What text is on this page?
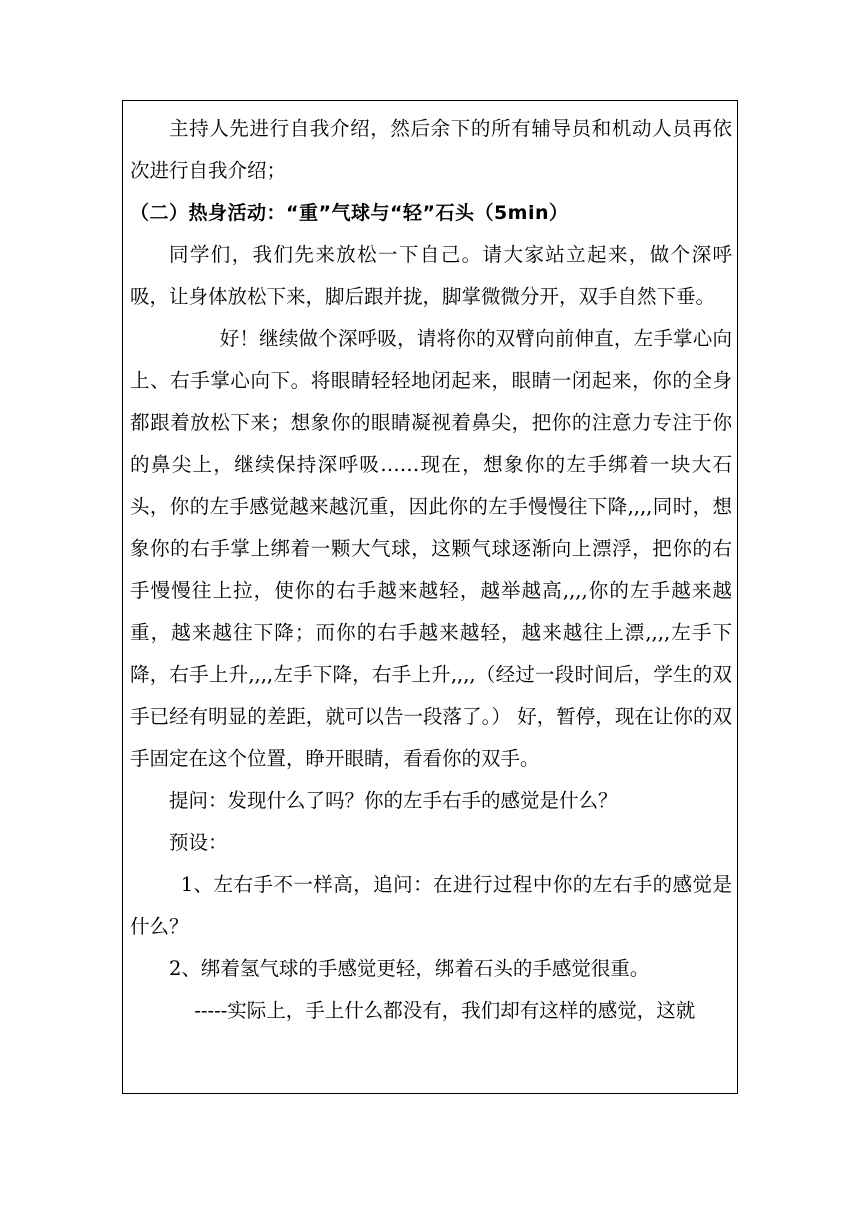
主持人先进行自我介绍，然后余下的所有辅导员和机动人员再依次进行自我介绍；

（二）热身活动：“重”气球与“轻”石头（5min）

同学们，我们先来放松一下自己。请大家站立起来，做个深呼吸，让身体放松下来，脚后跟并拢，脚掌微微分开，双手自然下垂。

好！继续做个深呼吸，请将你的双臂向前伸直，左手掌心向上、右手掌心向下。将眼睛轻轻地闭起来，眼睛一闭起来，你的全身都跟着放松下来；想象你的眼睛凝视着鼻尖，把你的注意力专注于你的鼻尖上，继续保持深呼吸……现在，想象你的左手绑着一块大石头，你的左手感觉越来越沉重，因此你的左手慢慢往下降,,,,同时，想象你的右手掌上绑着一颗大气球，这颗气球逐渐向上漂浮，把你的右手慢慢往上拉，使你的右手越来越轻，越举越高,,,,你的左手越来越重，越来越往下降；而你的右手越来越轻，越来越往上漂,,,,左手下降，右手上升,,,,左手下降，右手上升,,,,（经过一段时间后，学生的双手已经有明显的差距，就可以告一段落了。） 好，暂停，现在让你的双手固定在这个位置，睁开眼睛，看看你的双手。

提问：发现什么了吗？你的左手右手的感觉是什么？

预设：

1、左右手不一样高，追问：在进行过程中你的左右手的感觉是什么？

2、绑着氢气球的手感觉更轻，绑着石头的手感觉很重。

-----实际上，手上什么都没有，我们却有这样的感觉，这就
